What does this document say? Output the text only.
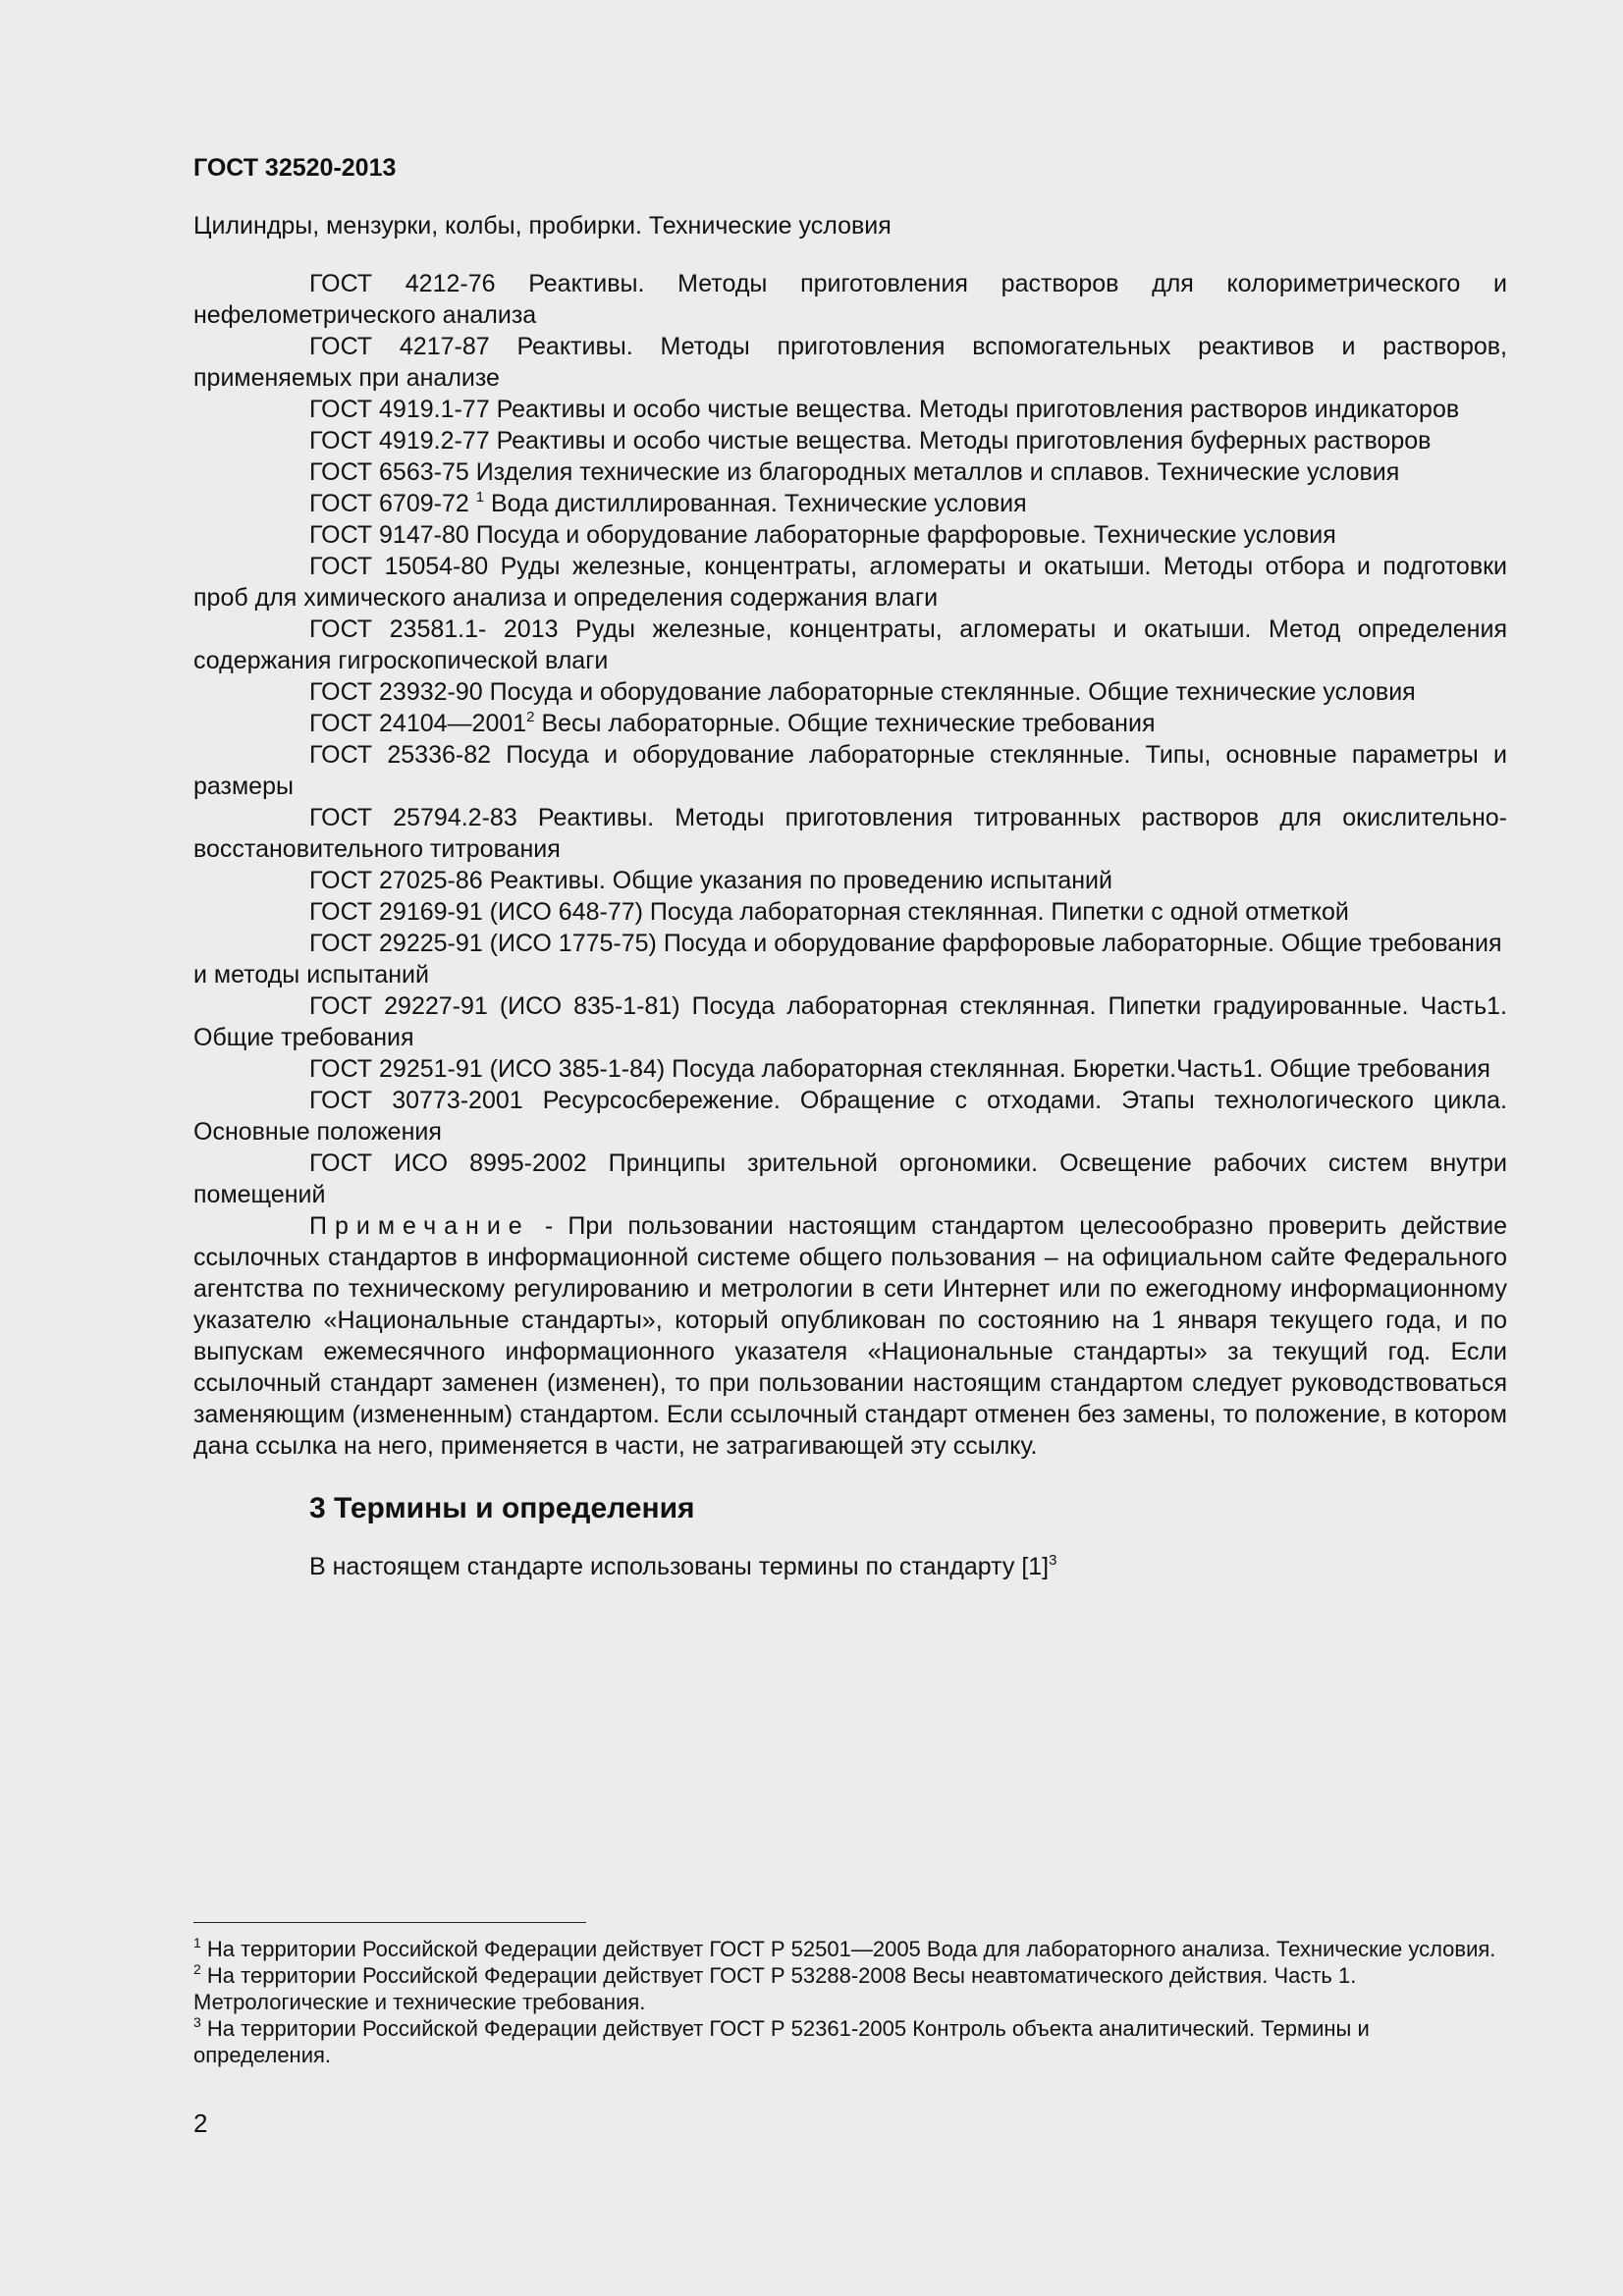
ГОСТ 32520-2013

Цилиндры, мензурки, колбы, пробирки. Технические условия

ГОСТ 4212-76 Реактивы. Методы приготовления растворов для колориметрического и нефелометрического анализа

ГОСТ 4217-87 Реактивы. Методы приготовления вспомогательных реактивов и растворов, применяемых при анализе

ГОСТ 4919.1-77 Реактивы и особо чистые вещества. Методы приготовления растворов индикаторов

ГОСТ 4919.2-77 Реактивы и особо чистые вещества. Методы приготовления буферных растворов

ГОСТ 6563-75 Изделия технические из благородных металлов и сплавов. Технические условия

ГОСТ 6709-72 $^1$ Вода дистиллированная. Технические условия

ГОСТ 9147-80 Посуда и оборудование лабораторные фарфоровые. Технические условия

ГОСТ 15054-80 Руды железные, концентраты, агломераты и окатыши. Методы отбора и подготовки проб для химического анализа и определения содержания влаги

ГОСТ 23581.1- 2013 Руды железные, концентраты, агломераты и окатыши. Метод определения содержания гигроскопической влаги

ГОСТ 23932-90 Посуда и оборудование лабораторные стеклянные. Общие технические условия

ГОСТ 24104—2001$^2$ Весы лабораторные. Общие технические требования

ГОСТ 25336-82 Посуда и оборудование лабораторные стеклянные. Типы, основные параметры и размеры

ГОСТ 25794.2-83 Реактивы. Методы приготовления титрованных растворов для окислительно-восстановительного титрования

ГОСТ 27025-86 Реактивы. Общие указания по проведению испытаний

ГОСТ 29169-91 (ИСО 648-77) Посуда лабораторная стеклянная. Пипетки с одной отметкой

ГОСТ 29225-91 (ИСО 1775-75) Посуда и оборудование фарфоровые лабораторные. Общие требования и методы испытаний

ГОСТ 29227-91 (ИСО 835-1-81) Посуда лабораторная стеклянная. Пипетки градуированные. Часть1. Общие требования

ГОСТ 29251-91 (ИСО 385-1-84) Посуда лабораторная стеклянная. Бюретки.Часть1. Общие требования

ГОСТ 30773-2001 Ресурсосбережение. Обращение с отходами. Этапы технологического цикла. Основные положения

ГОСТ ИСО 8995-2002 Принципы зрительной оргономики. Освещение рабочих систем внутри помещений

Примечание - При пользовании настоящим стандартом целесообразно проверить действие ссылочных стандартов в информационной системе общего пользования – на официальном сайте Федерального агентства по техническому регулированию и метрологии в сети Интернет или по ежегодному информационному указателю «Национальные стандарты», который опубликован по состоянию на 1 января текущего года, и по выпускам ежемесячного информационного указателя «Национальные стандарты» за текущий год. Если ссылочный стандарт заменен (изменен), то при пользовании настоящим стандартом следует руководствоваться заменяющим (измененным) стандартом. Если ссылочный стандарт отменен без замены, то положение, в котором дана ссылка на него, применяется в части, не затрагивающей эту ссылку.

3 Термины и определения

В настоящем стандарте использованы термины по стандарту $[1]^3$

$^1$ На территории Российской Федерации действует ГОСТ Р 52501—2005 Вода для лабораторного анализа. Технические условия.

$^2$ На территории Российской Федерации действует ГОСТ Р 53288-2008 Весы неавтоматического действия. Часть 1. Метрологические и технические требования.

$^3$ На территории Российской Федерации действует ГОСТ Р 52361-2005 Контроль объекта аналитический. Термины и определения.

2
